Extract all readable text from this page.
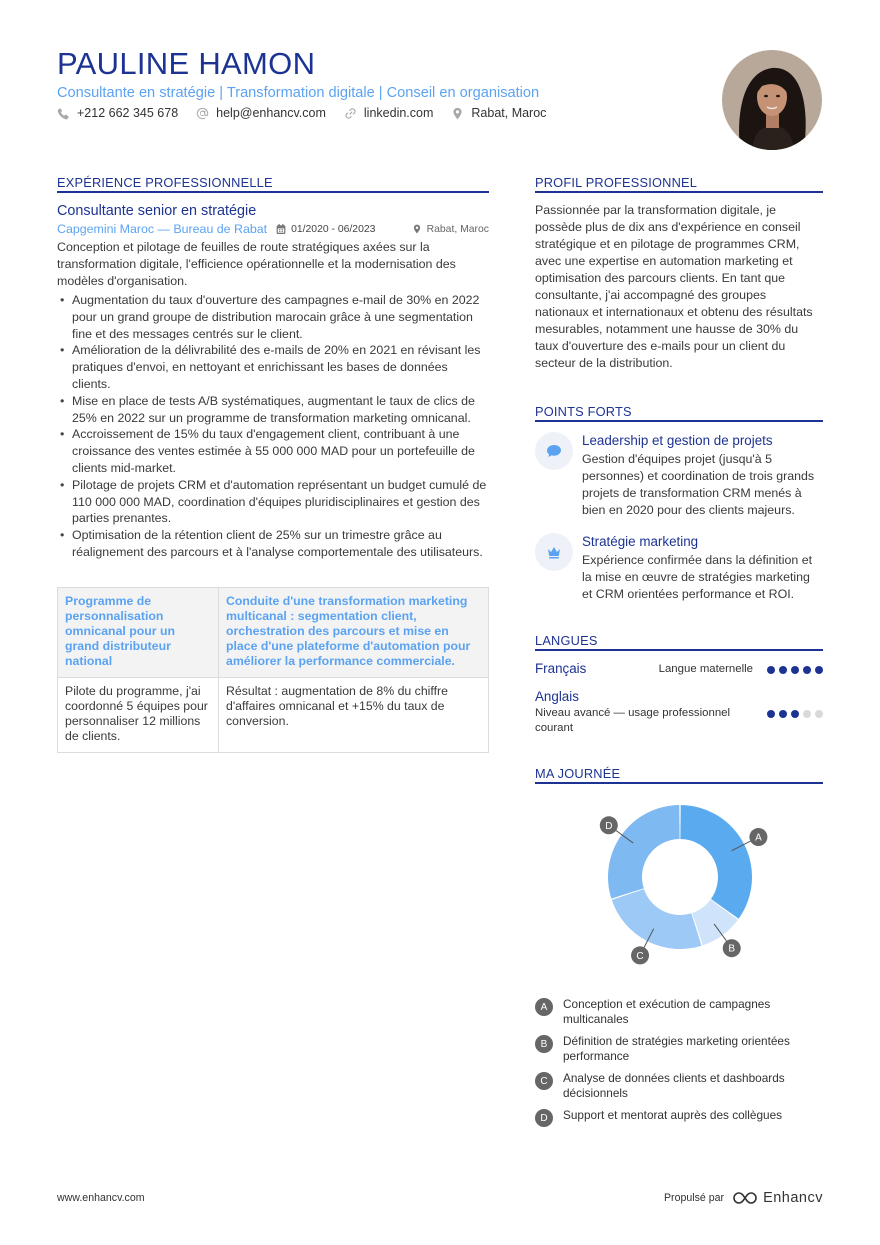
PAULINE HAMON
Consultante en stratégie | Transformation digitale | Conseil en organisation
+212 662 345 678	help@enhancv.com	linkedin.com	Rabat, Maroc
EXPÉRIENCE PROFESSIONNELLE
Consultante senior en stratégie
Capgemini Maroc — Bureau de Rabat 01/2020 - 06/2023	Rabat, Maroc
Conception et pilotage de feuilles de route stratégiques axées sur la transformation digitale, l'efficience opérationnelle et la modernisation des modèles d'organisation.
• Augmentation du taux d'ouverture des campagnes e-mail de 30% en 2022 pour un grand groupe de distribution marocain grâce à une segmentation fine et des messages centrés sur le client.
• Amélioration de la délivrabilité des e-mails de 20% en 2021 en révisant les pratiques d'envoi, en nettoyant et enrichissant les bases de données clients.
• Mise en place de tests A/B systématiques, augmentant le taux de clics de 25% en 2022 sur un programme de transformation marketing omnicanal.
• Accroissement de 15% du taux d'engagement client, contribuant à une croissance des ventes estimée à 55 000 000 MAD pour un portefeuille de clients mid-market.
• Pilotage de projets CRM et d'automation représentant un budget cumulé de 110 000 000 MAD, coordination d'équipes pluridisciplinaires et gestion des parties prenantes.
• Optimisation de la rétention client de 25% sur un trimestre grâce au réalignement des parcours et à l'analyse comportementale des utilisateurs.
Programme de personnalisation omnicanal pour un grand distributeur national	Conduite d'une transformation marketing multicanal : segmentation client, orchestration des parcours et mise en place d'une plateforme d'automation pour améliorer la performance commerciale.
Pilote du programme, j'ai coordonné 5 équipes pour personnaliser 12 millions de clients.	Résultat : augmentation de 8% du chiffre d'affaires omnicanal et +15% du taux de conversion.
PROFIL PROFESSIONNEL
Passionnée par la transformation digitale, je possède plus de dix ans d'expérience en conseil stratégique et en pilotage de programmes CRM, avec une expertise en automation marketing et optimisation des parcours clients. En tant que consultante, j'ai accompagné des groupes nationaux et internationaux et obtenu des résultats mesurables, notamment une hausse de 30% du taux d'ouverture des e-mails pour un client du secteur de la distribution.
POINTS FORTS
Leadership et gestion de projets
Gestion d'équipes projet (jusqu'à 5 personnes) et coordination de trois grands projets de transformation CRM menés à bien en 2020 pour des clients majeurs.
Stratégie marketing
Expérience confirmée dans la définition et la mise en œuvre de stratégies marketing et CRM orientées performance et ROI.
LANGUES
Français	Langue maternelle
Anglais
Niveau avancé — usage professionnel courant
MA JOURNÉE
A
B
C
D
A	Conception et exécution de campagnes multicanales
B	Définition de stratégies marketing orientées performance
C	Analyse de données clients et dashboards décisionnels
D	Support et mentorat auprès des collègues
www.enhancv.com	Propulsé par	Enhancv
